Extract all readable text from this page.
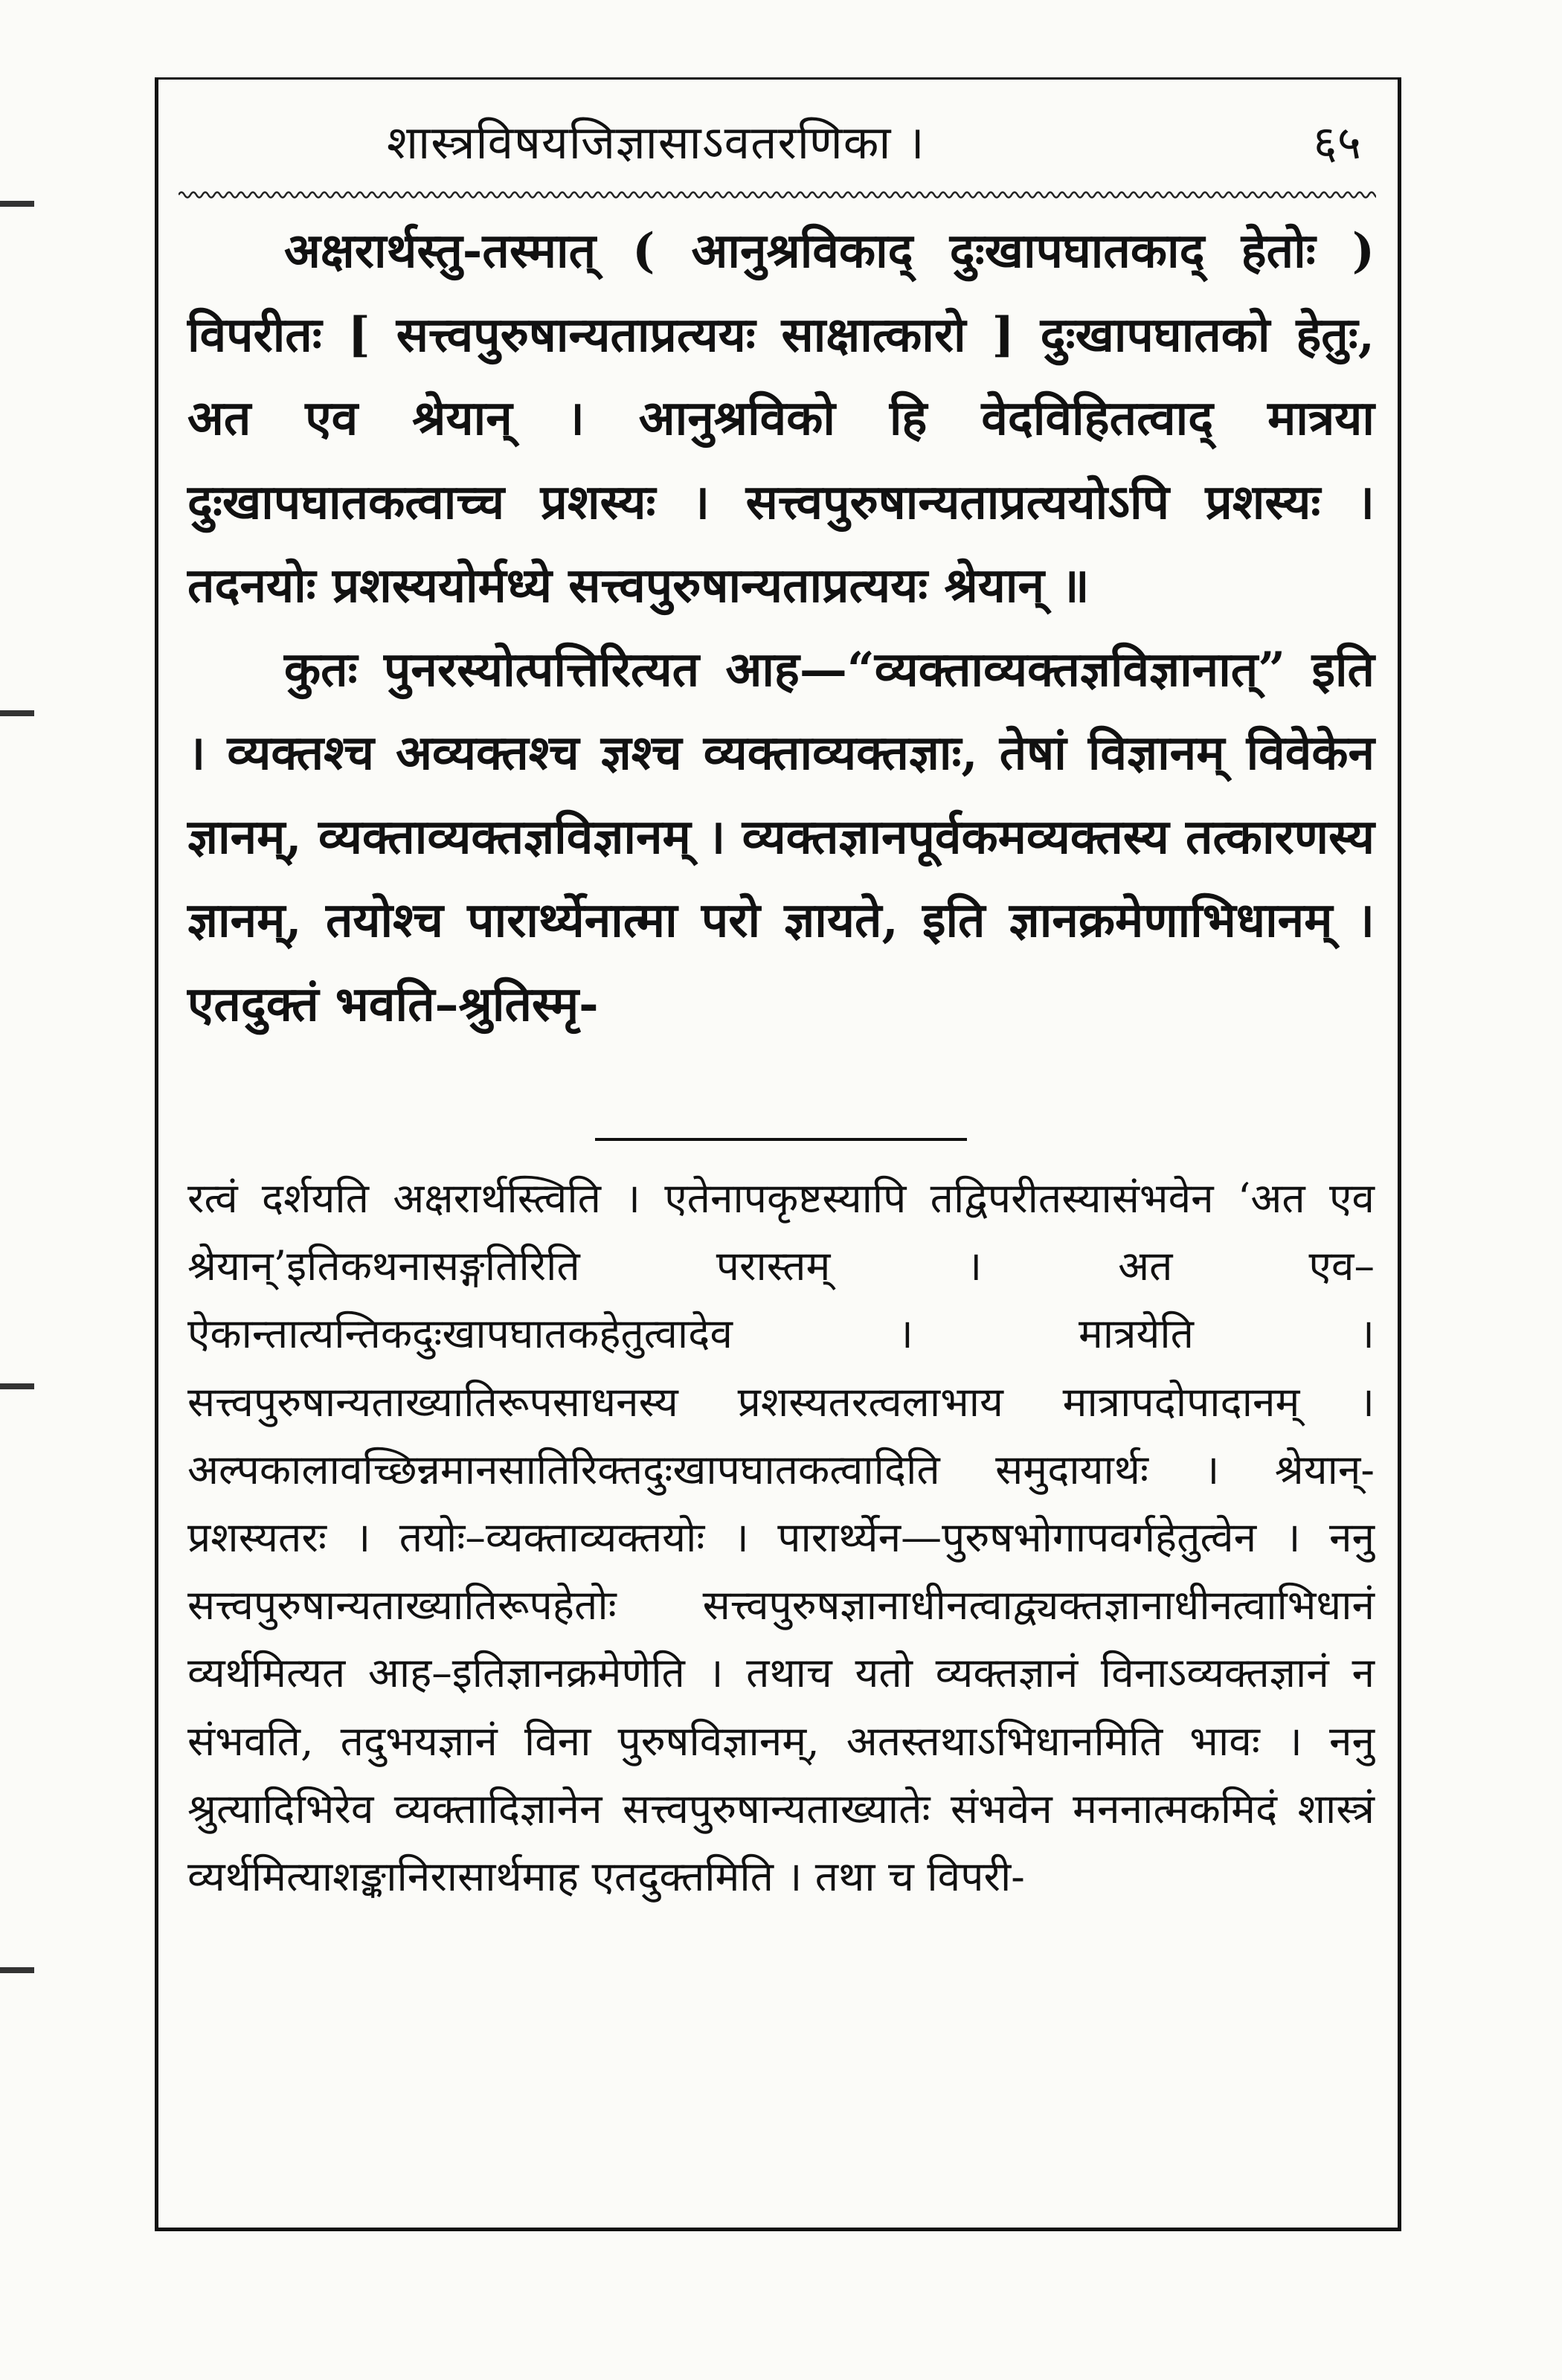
शास्त्रविषयजिज्ञासाऽवतरणिका ।	६५

अक्षरार्थस्तु-तस्मात् ( आनुश्रविकाद् दुःखापघातकाद् हेतोः ) विपरीतः [ सत्त्वपुरुषान्यताप्रत्ययः साक्षात्कारो ] दुःखापघातको हेतुः, अत एव श्रेयान् । आनुश्रविको हि वेदविहितत्वाद् मात्रया दुःखापघातकत्वाच्च प्रशस्यः । सत्त्वपुरुषान्यताप्रत्ययोऽपि प्रशस्यः । तदनयोः प्रशस्ययोर्मध्ये सत्त्वपुरुषान्यताप्रत्ययः श्रेयान् ॥

कुतः पुनरस्योत्पत्तिरित्यत आह—“व्यक्ताव्यक्तज्ञविज्ञानात्” इति । व्यक्तश्च अव्यक्तश्च ज्ञश्च व्यक्ताव्यक्तज्ञाः, तेषां विज्ञानम् विवेकेन ज्ञानम्, व्यक्ताव्यक्तज्ञविज्ञानम् । व्यक्तज्ञानपूर्वकमव्यक्तस्य तत्कारणस्य ज्ञानम्, तयोश्च पारार्थ्येनात्मा परो ज्ञायते, इति ज्ञानक्रमेणाभिधानम् । एतदुक्तं भवति–श्रुतिस्मृ-

रत्वं दर्शयति अक्षरार्थस्त्विति । एतेनापकृष्टस्यापि तद्विपरीतस्यासंभवेन ‘अत एव श्रेयान्’इतिकथनासङ्गतिरिति परास्तम् । अत एव–ऐकान्तात्यन्तिकदुःखापघातकहेतुत्वादेव । मात्रयेति । सत्त्वपुरुषान्यताख्यातिरूपसाधनस्य प्रशस्यतरत्वलाभाय मात्रापदोपादानम् । अल्पकालावच्छिन्नमानसातिरिक्तदुःखापघातकत्वादिति समुदायार्थः । श्रेयान्-प्रशस्यतरः । तयोः–व्यक्ताव्यक्तयोः । पारार्थ्येन—पुरुषभोगापवर्गहेतुत्वेन । ननु सत्त्वपुरुषान्यताख्यातिरूपहेतोः सत्त्वपुरुषज्ञानाधीनत्वाद्व्यक्तज्ञानाधीनत्वाभिधानं व्यर्थमित्यत आह–इतिज्ञानक्रमेणेति । तथाच यतो व्यक्तज्ञानं विनाऽव्यक्तज्ञानं न संभवति, तदुभयज्ञानं विना पुरुषविज्ञानम्, अतस्तथाऽभिधानमिति भावः । ननु श्रुत्यादिभिरेव व्यक्तादिज्ञानेन सत्त्वपुरुषान्यताख्यातेः संभवेन मननात्मकमिदं शास्त्रं व्यर्थमित्याशङ्कानिरासार्थमाह एतदुक्तमिति । तथा च विपरी-
